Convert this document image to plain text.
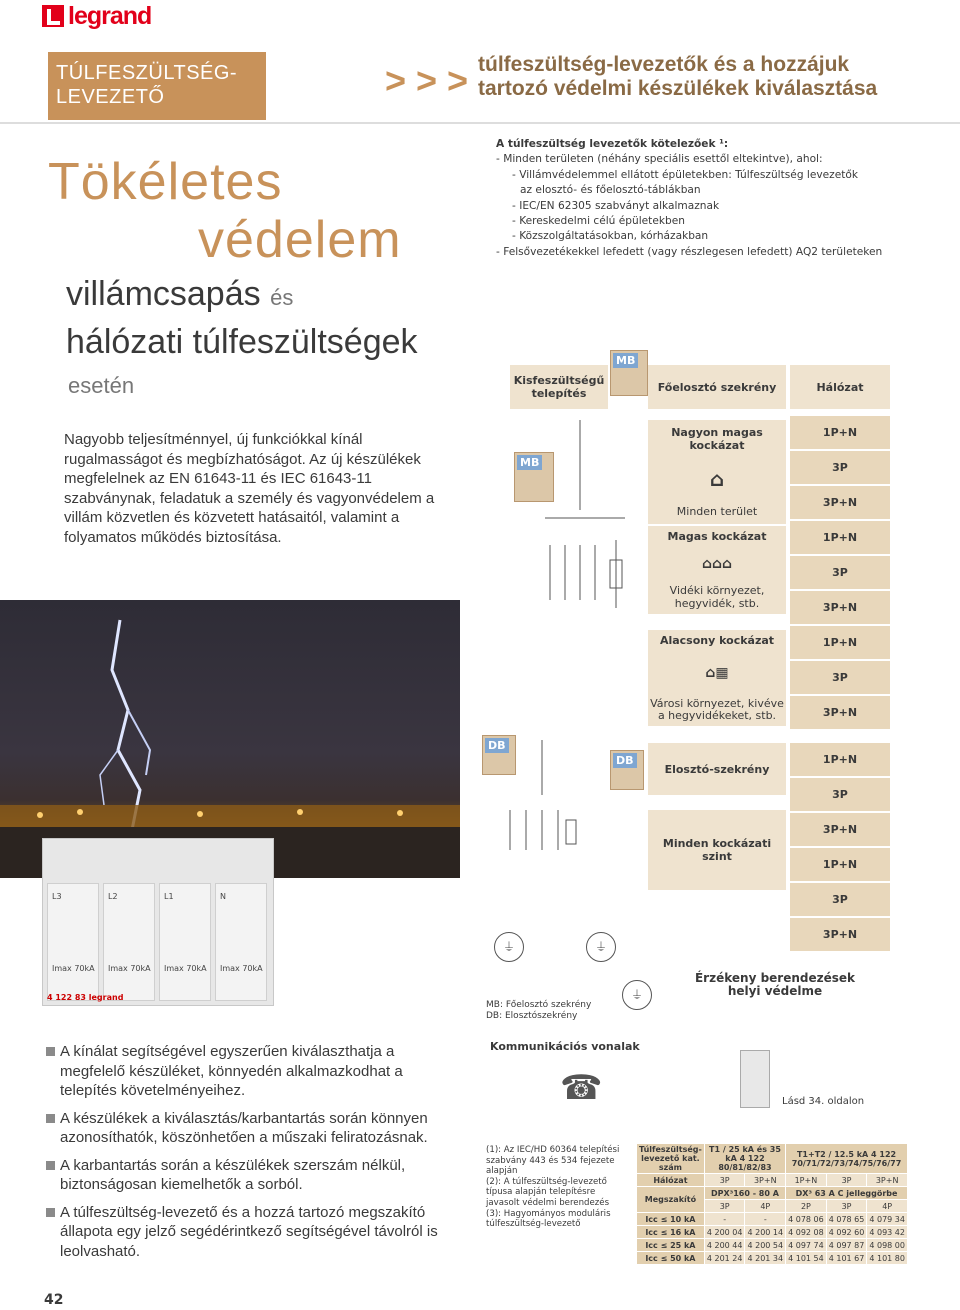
legrand
TÚLFESZÜLTSÉG-LEVEZETŐ	> > > túlfeszültség-levezetők és a hozzájuk
tartozó védelmi készülékek kiválasztása
Tökéletes
védelem
villámcsapás és
hálózati túlfeszültségek
esetén
Nagyobb teljesítménnyel, új funkciókkal kínál rugalmasságot és megbízhatóságot. Az új készülékek megfelelnek az EN 61643-11 és IEC 61643-11 szabványnak, feladatuk a személy és vagyonvédelem a villám közvetlen és közvetett hatásaitól, valamint a folyamatos működés biztosítása.
L3
Imax 70kA
L2
Imax 70kA
L1
Imax 70kA
N
Imax 70kA
4 122 83 legrand
A kínálat segítségével egyszerűen kiválaszthatja a megfelelő készüléket, könnyedén alkalmazkodhat a telepítés követelményeihez.
A készülékek a kiválasztás/karbantartás során könnyen azonosíthatók, köszönhetően a műszaki feliratozásnak.
A karbantartás során a készülékek szerszám nélkül, biztonságosan kiemelhetők a sorból.
A túlfeszültség-levezető és a hozzá tartozó megszakító állapota egy jelző segédérintkező segítségével távolról is leolvasható.
42
A túlfeszültség levezetők kötelezőek ¹:
- Minden területen (néhány speciális esettől eltekintve), ahol:
- Villámvédelemmel ellátott épületekben: Túlfeszültség levezetők
az elosztó- és főelosztó-táblákban
- IEC/EN 62305 szabványt alkalmaznak
- Kereskedelmi célú épületekben
- Közszolgáltatásokban, kórházakban
- Felsővezetékekkel lefedett (vagy részlegesen lefedett) AQ2 területeken
Kisfeszültségű telepítés	Főelosztó szekrény	Hálózat
MB
MB
Nagyon magas kockázat
⌂
Minden terület
Magas kockázat
⌂⌂⌂
Vidéki környezet, hegyvidék, stb.
Alacsony kockázat
⌂▦
Városi környezet, kivéve a hegyvidékeket, stb.
1P+N
3P
3P+N
1P+N
3P
3P+N
1P+N
3P
3P+N
1P+N
3P
3P+N
1P+N
3P
3P+N
DB
DB
Elosztó-szekrény
Minden kockázati szint
⏚	⏚
⏚
Érzékeny berendezések helyi védelme
MB: Főelosztó szekrény
DB: Elosztószekrény
Kommunikációs vonalak
☎	Lásd 34. oldalon
(1): Az IEC/HD 60364 telepítési szabvány 443 és 534 fejezete alapján
(2): A túlfeszültség-levezető típusa alapján telepítésre javasolt védelmi berendezés
(3): Hagyományos moduláris túlfeszültség-levezető
Túlfeszültség-levezető kat. szám	T1 / 25 kA és 35 kA 4 122 80/81/82/83		T1+T2 / 12.5 kA 4 122 70/71/72/73/74/75/76/77		
Hálózat	3P	3P+N	1P+N	3P	3P+N
Megszakító	DPX³160 - 80 A		DX³ 63 A C jelleggörbe		
	3P	4P	2P	3P	4P
Icc ≤ 10 kA	-	-	4 078 06	4 078 65	4 079 34
Icc ≤ 16 kA	4 200 04	4 200 14	4 092 08	4 092 60	4 093 42
Icc ≤ 25 kA	4 200 44	4 200 54	4 097 74	4 097 87	4 098 00
Icc ≤ 50 kA	4 201 24	4 201 34	4 101 54	4 101 67	4 101 80
